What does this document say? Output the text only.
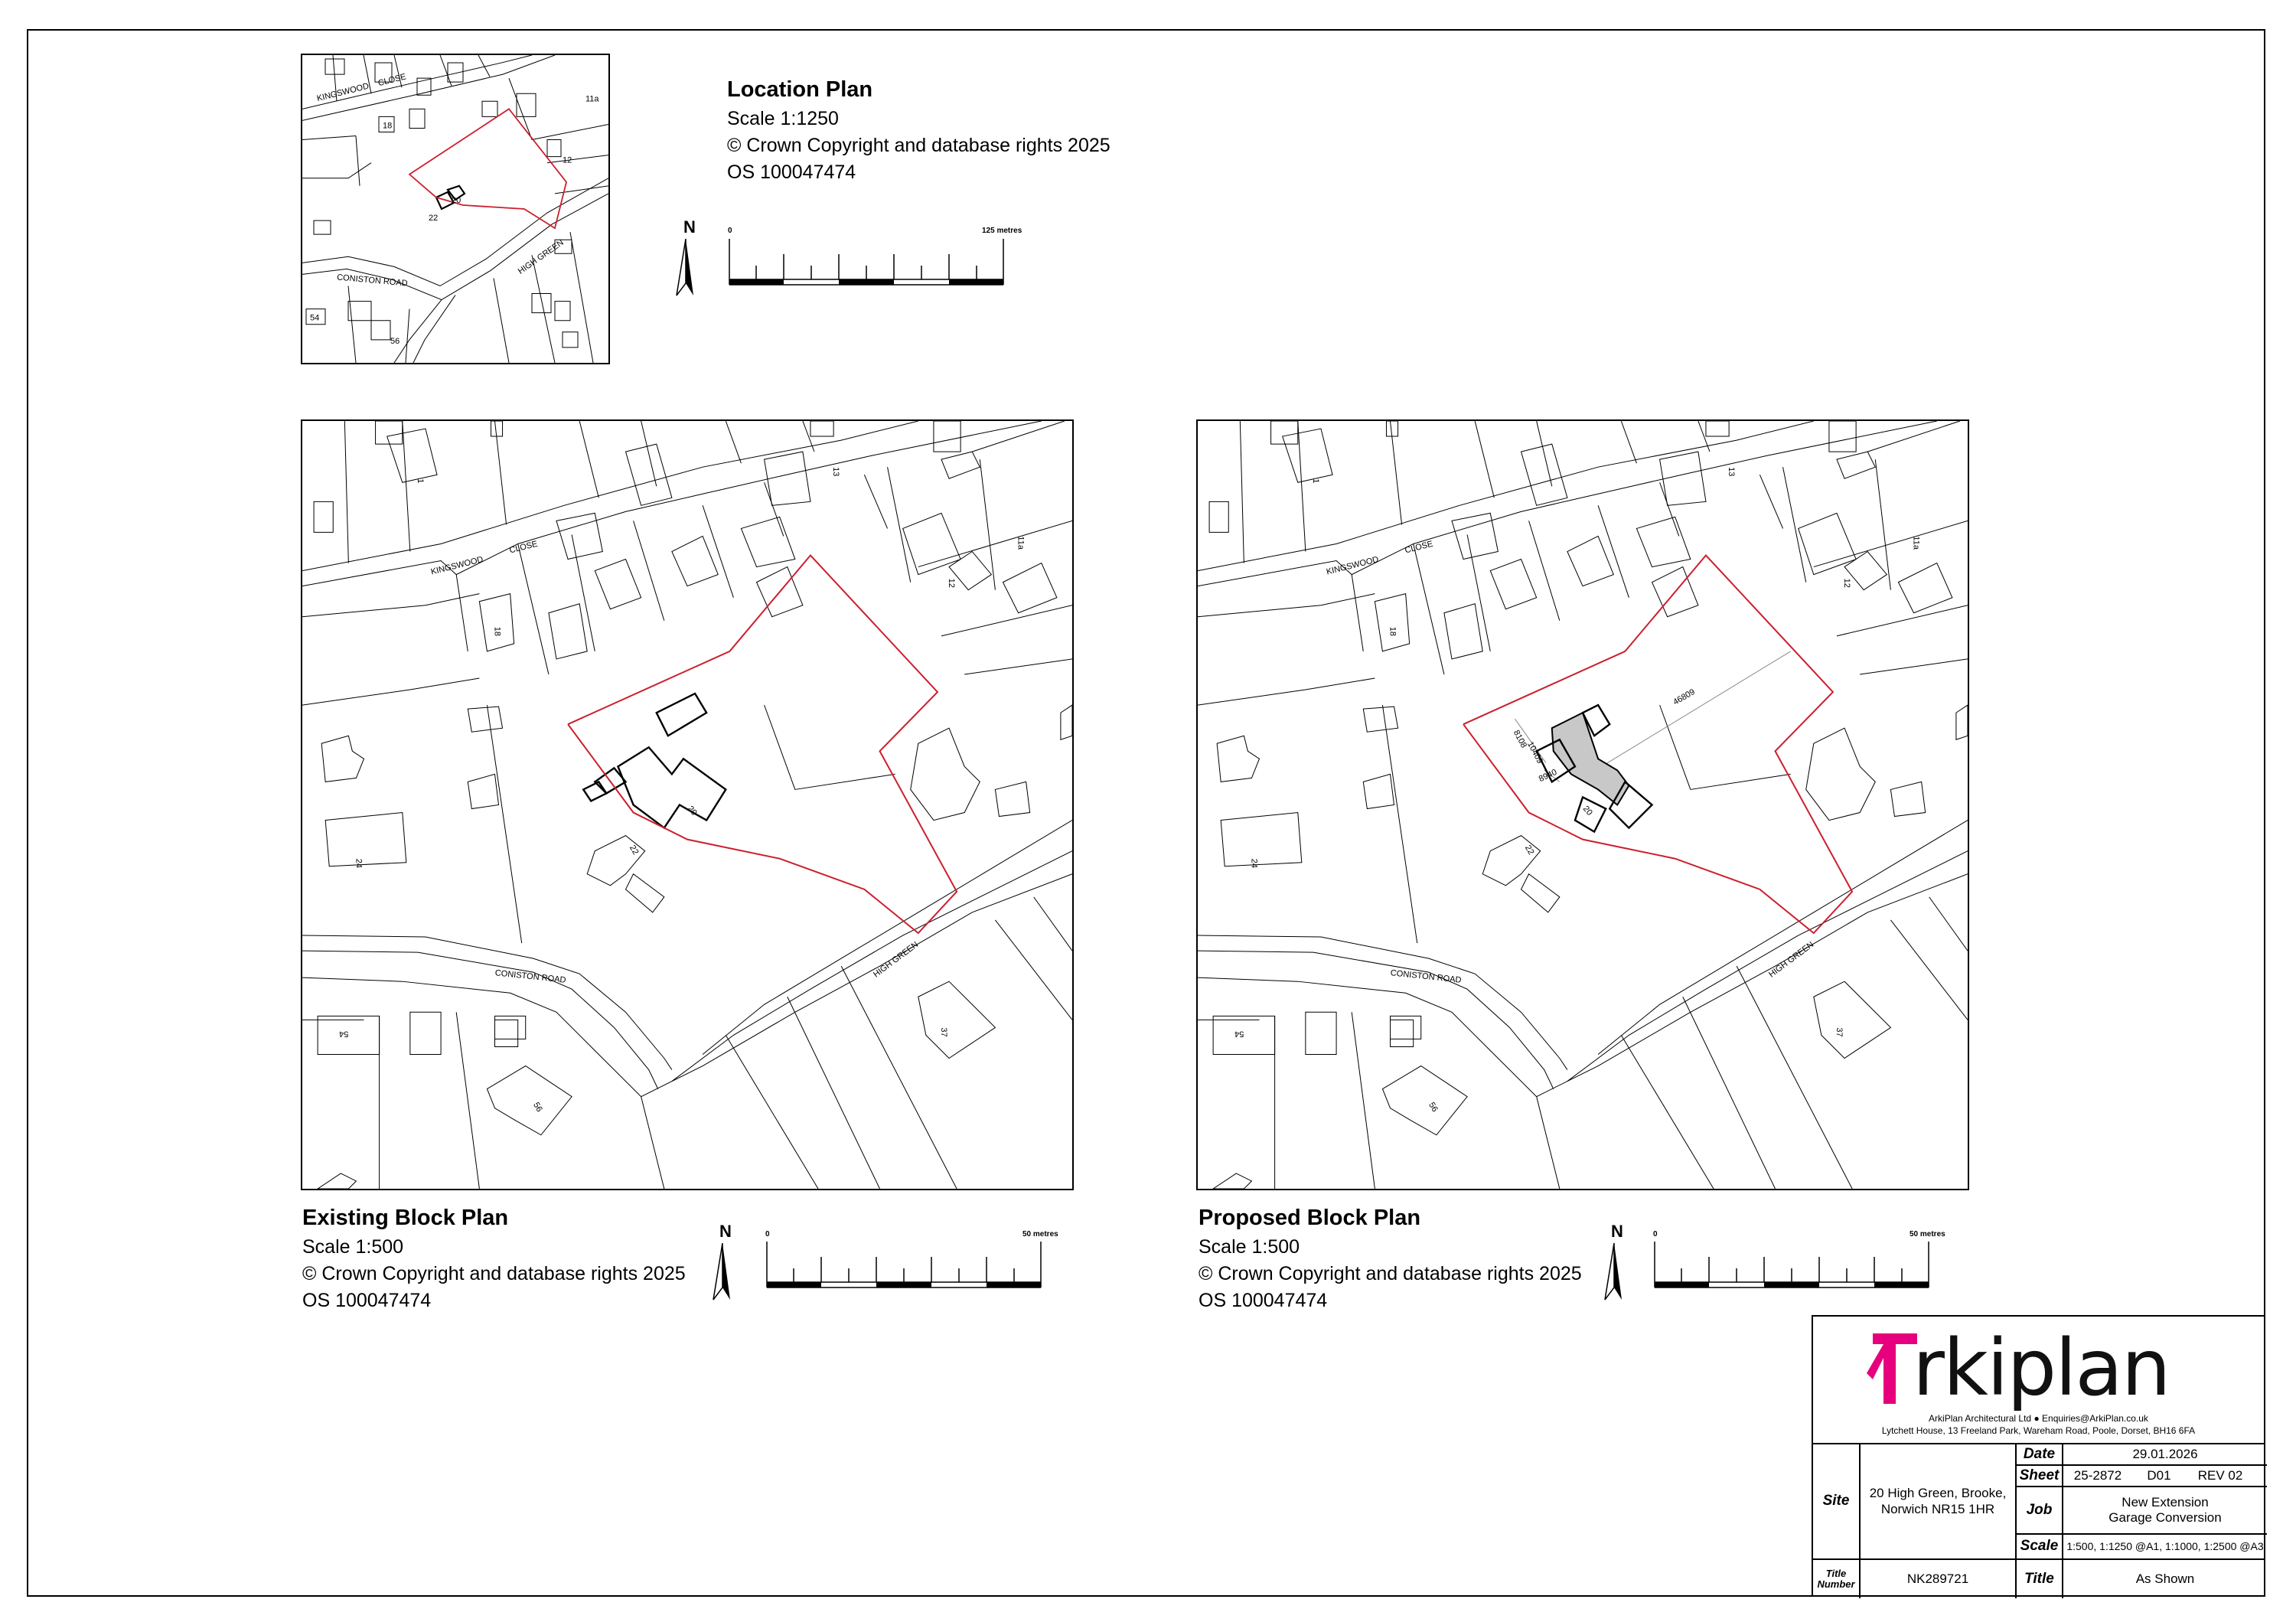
KINGSWOOD
CLOSE
CONISTON ROAD
HIGH GREEN
20
22
54
56
12
18
11a	Location Plan
Scale 1:1250
© Crown Copyright and database rights 2025
OS 100047474
N	0	125 metres
KINGSWOOD
CLOSE
CONISTON ROAD	HIGH GREEN
20
22
24
54
56
13
11a
12
18
37
1
Existing Block Plan
Scale 1:500
© Crown Copyright and database rights 2025
OS 100047474
N	0	50 metres
46809
8108
10409
8940
KINGSWOOD
CLOSE
CONISTON ROAD	HIGH GREEN
20
22
24
54
56
13
11a
12
18
37
1
Proposed Block Plan
Scale 1:500
© Crown Copyright and database rights 2025
OS 100047474
N	0	50 metres
rkiplan
ArkiPlan Architectural Ltd ● Enquiries@ArkiPlan.co.uk
Lytchett House, 13 Freeland Park, Wareham Road, Poole, Dorset, BH16 6FA
Site	20 High Green, Brooke, Norwich NR15 1HR
Title Number	NK289721
Date	29.01.2026
Sheet	25-2872	D01	REV 02
Job	New Extension
Garage Conversion
Scale 1:500, 1:1250 @A1, 1:1000, 1:2500 @A3
Title	As Shown
